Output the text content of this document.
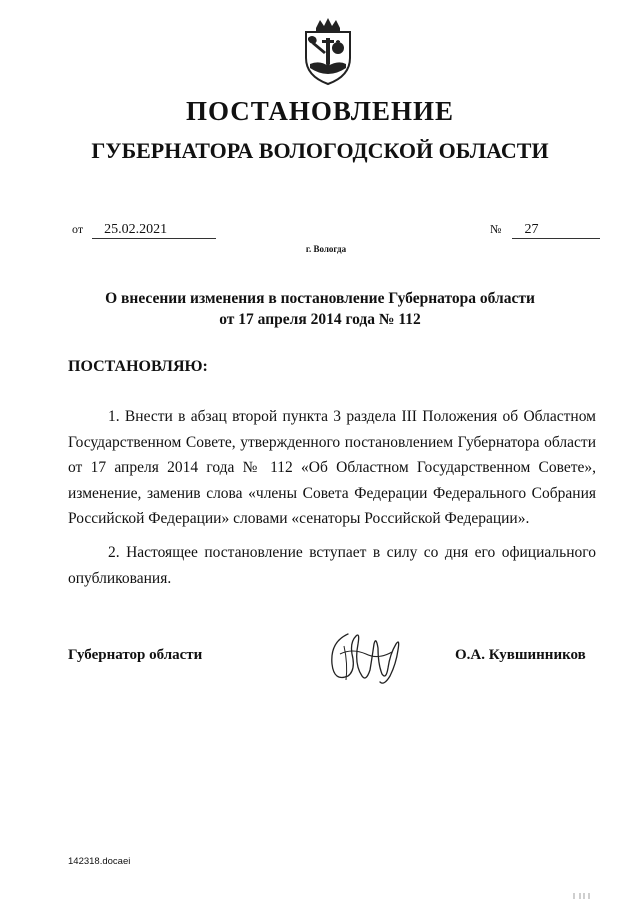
ПОСТАНОВЛЕНИЕ
ГУБЕРНАТОРА ВОЛОГОДСКОЙ ОБЛАСТИ
от 25.02.2021	№ 27
г. Вологда
О внесении изменения в постановление Губернатора области
от 17 апреля 2014 года № 112
ПОСТАНОВЛЯЮ:

1. Внести в абзац второй пункта 3 раздела III Положения об Областном Государственном Совете, утвержденного постановлением Губернатора области от 17 апреля 2014 года № 112 «Об Областном Государственном Совете», изменение, заменив слова «члены Совета Федерации Федерального Собрания Российской Федерации» словами «сенаторы Российской Федерации».

2. Настоящее постановление вступает в силу со дня его официального опубликования.

Губернатор области	О.А. Кувшинников
142318.docaei
